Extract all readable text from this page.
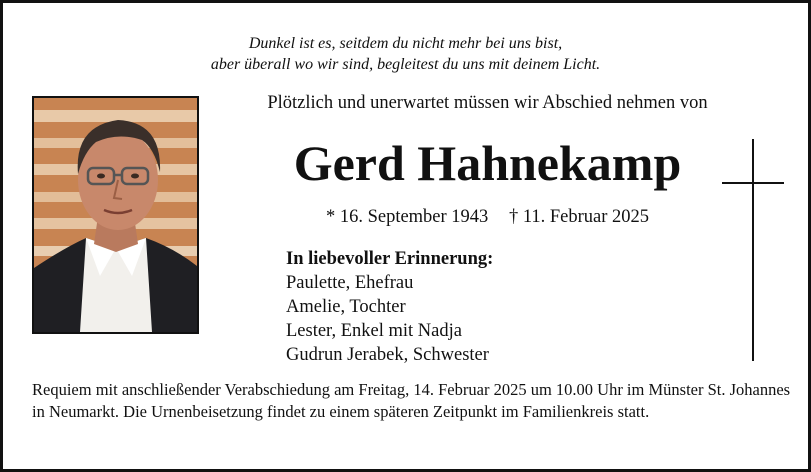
Dunkel ist es, seitdem du nicht mehr bei uns bist,
aber überall wo wir sind, begleitest du uns mit deinem Licht.
Plötzlich und unerwartet müssen wir Abschied nehmen von
Gerd Hahnekamp
* 16. September 1943 † 11. Februar 2025
In liebevoller Erinnerung:
Paulette, Ehefrau
Amelie, Tochter
Lester, Enkel mit Nadja
Gudrun Jerabek, Schwester
Requiem mit anschließender Verabschiedung am Freitag, 14. Februar 2025 um 10.00 Uhr im Münster St. Johannes in Neumarkt. Die Urnenbeisetzung findet zu einem späteren Zeitpunkt im Familienkreis statt.
